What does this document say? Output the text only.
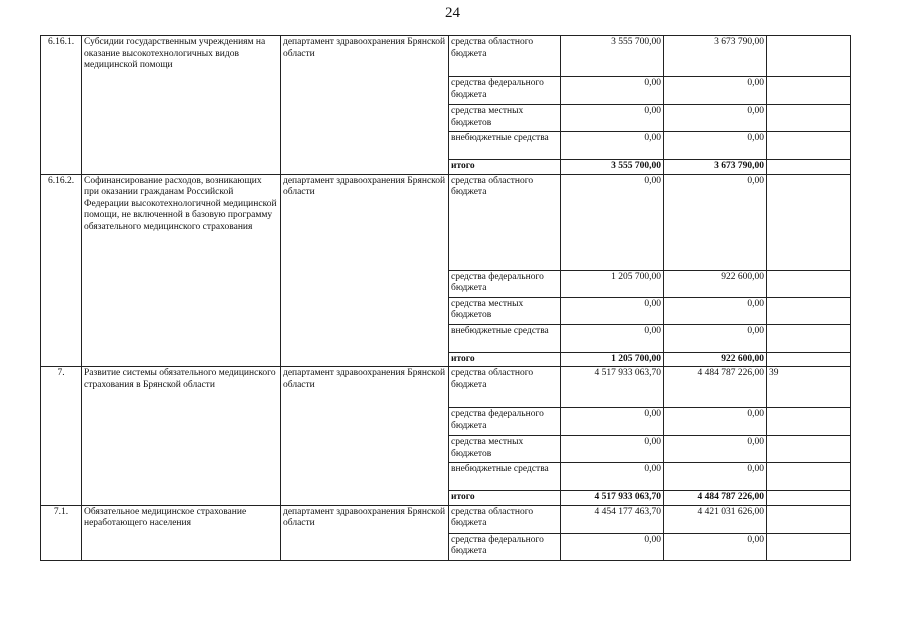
24
6.16.1.	Субсидии государственным учреждениям на оказание высокотехнологичных видов медицинской помощи	департамент здравоохранения Брянской области	средства областного бюджета	3 555 700,00	3 673 790,00	
			средства федерального бюджета	0,00	0,00	
			средства местных бюджетов	0,00	0,00	
			внебюджетные средства	0,00	0,00	
			итого	3 555 700,00	3 673 790,00	
6.16.2.	Софинансирование расходов, возникающих при оказании гражданам Российской Федерации высокотехнологичной медицинской помощи, не включенной в базовую программу обязательного медицинского страхования	департамент здравоохранения Брянской области	средства областного бюджета	0,00	0,00	
			средства федерального бюджета	1 205 700,00	922 600,00	
			средства местных бюджетов	0,00	0,00	
			внебюджетные средства	0,00	0,00	
			итого	1 205 700,00	922 600,00	
7.	Развитие системы обязательного медицинского страхования в Брянской области	департамент здравоохранения Брянской области	средства областного бюджета	4 517 933 063,70	4 484 787 226,00	39
			средства федерального бюджета	0,00	0,00	
			средства местных бюджетов	0,00	0,00	
			внебюджетные средства	0,00	0,00	
			итого	4 517 933 063,70	4 484 787 226,00	
7.1.	Обязательное медицинское страхование неработающего населения	департамент здравоохранения Брянской области	средства областного бюджета	4 454 177 463,70	4 421 031 626,00	
			средства федерального бюджета	0,00	0,00	
